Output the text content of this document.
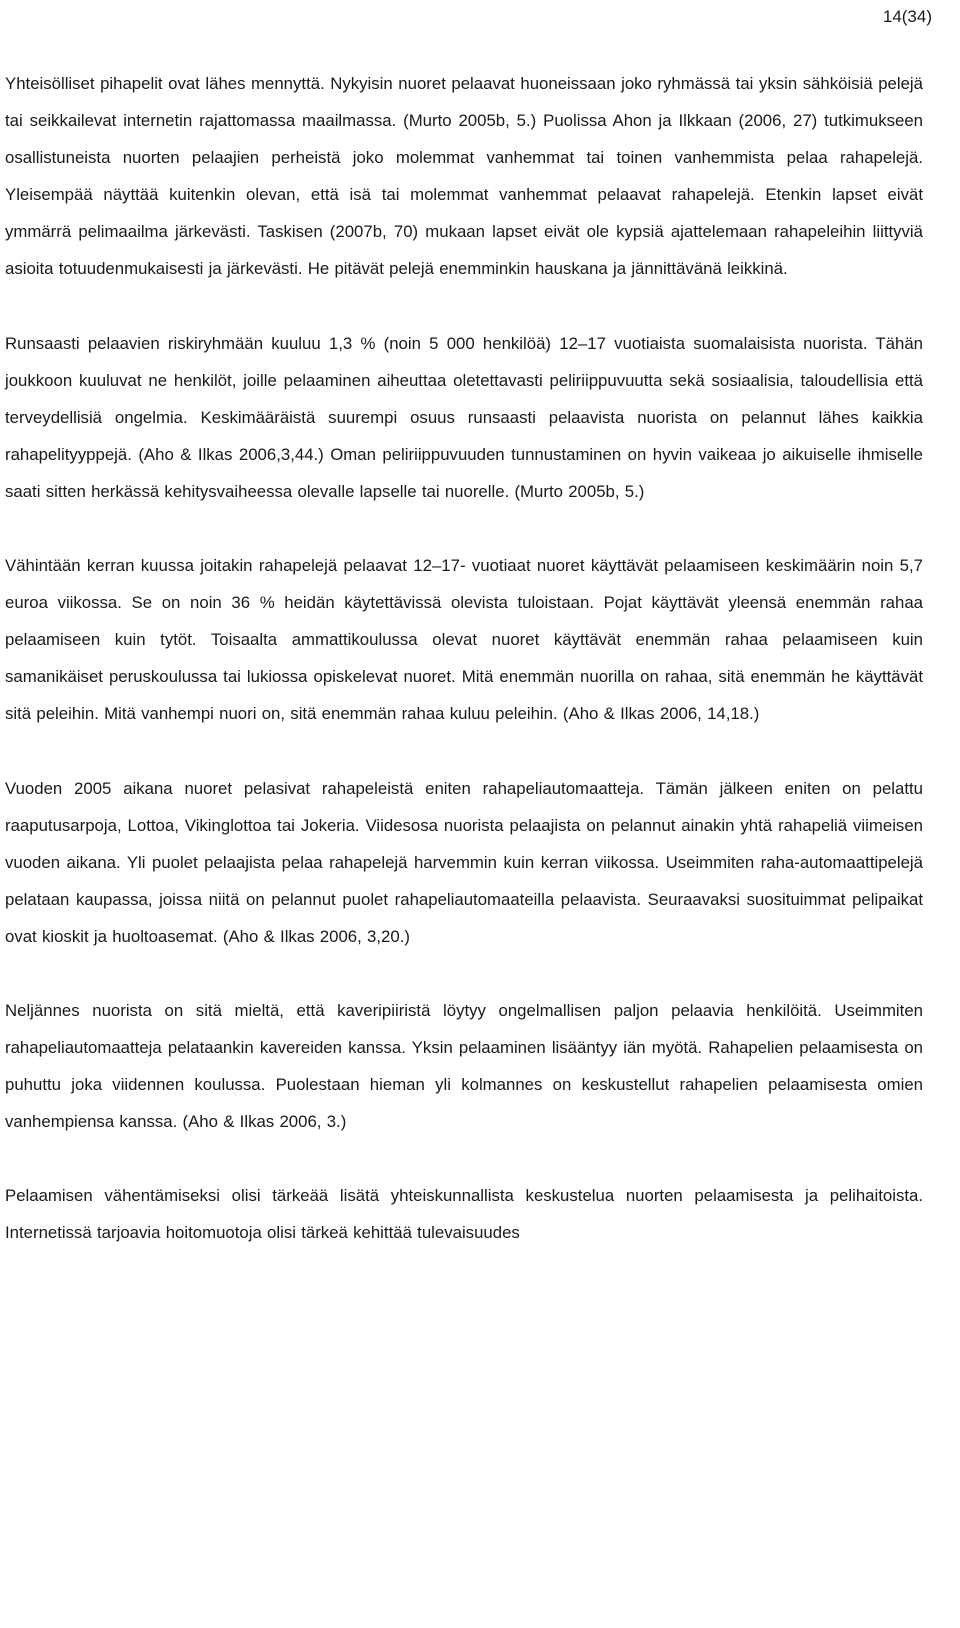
14(34)

Yhteisölliset pihapelit ovat lähes mennyttä. Nykyisin nuoret pelaavat huoneissaan joko ryhmässä tai yksin sähköisiä pelejä tai seikkailevat internetin rajattomassa maailmassa. (Murto 2005b, 5.) Puolissa Ahon ja Ilkkaan (2006, 27) tutkimukseen osallistuneista nuorten pelaajien perheistä joko molemmat vanhemmat tai toinen vanhemmista pelaa rahapelejä. Yleisempää näyttää kuitenkin olevan, että isä tai molemmat vanhemmat pelaavat rahapelejä. Etenkin lapset eivät ymmärrä pelimaailma järkevästi. Taskisen (2007b, 70) mukaan lapset eivät ole kypsiä ajattelemaan rahapeleihin liittyviä asioita totuudenmukaisesti ja järkevästi. He pitävät pelejä enemminkin hauskana ja jännittävänä leikkinä.

Runsaasti pelaavien riskiryhmään kuuluu 1,3 % (noin 5 000 henkilöä) 12–17 vuotiaista suomalaisista nuorista. Tähän joukkoon kuuluvat ne henkilöt, joille pelaaminen aiheuttaa oletettavasti peliriippuvuutta sekä sosiaalisia, taloudellisia että terveydellisiä ongelmia. Keskimääräistä suurempi osuus runsaasti pelaavista nuorista on pelannut lähes kaikkia rahapelityyppejä. (Aho & Ilkas 2006,3,44.) Oman peliriippuvuuden tunnustaminen on hyvin vaikeaa jo aikuiselle ihmiselle saati sitten herkässä kehitysvaiheessa olevalle lapselle tai nuorelle. (Murto 2005b, 5.)

Vähintään kerran kuussa joitakin rahapelejä pelaavat 12–17- vuotiaat nuoret käyttävät pelaamiseen keskimäärin noin 5,7 euroa viikossa. Se on noin 36 % heidän käytettävissä olevista tuloistaan. Pojat käyttävät yleensä enemmän rahaa pelaamiseen kuin tytöt. Toisaalta ammattikoulussa olevat nuoret käyttävät enemmän rahaa pelaamiseen kuin samanikäiset peruskoulussa tai lukiossa opiskelevat nuoret. Mitä enemmän nuorilla on rahaa, sitä enemmän he käyttävät sitä peleihin. Mitä vanhempi nuori on, sitä enemmän rahaa kuluu peleihin. (Aho & Ilkas 2006, 14,18.)

Vuoden 2005 aikana nuoret pelasivat rahapeleistä eniten rahapeliautomaatteja. Tämän jälkeen eniten on pelattu raaputusarpoja, Lottoa, Vikinglottoa tai Jokeria. Viidesosa nuorista pelaajista on pelannut ainakin yhtä rahapeliä viimeisen vuoden aikana. Yli puolet pelaajista pelaa rahapelejä harvemmin kuin kerran viikossa. Useimmiten raha-automaattipelejä pelataan kaupassa, joissa niitä on pelannut puolet rahapeliautomaateilla pelaavista. Seuraavaksi suosituimmat pelipaikat ovat kioskit ja huoltoasemat. (Aho & Ilkas 2006, 3,20.)

Neljännes nuorista on sitä mieltä, että kaveripiiristä löytyy ongelmallisen paljon pelaavia henkilöitä. Useimmiten rahapeliautomaatteja pelataankin kavereiden kanssa. Yksin pelaaminen lisääntyy iän myötä. Rahapelien pelaamisesta on puhuttu joka viidennen koulussa. Puolestaan hieman yli kolmannes on keskustellut rahapelien pelaamisesta omien vanhempiensa kanssa. (Aho & Ilkas 2006, 3.)

Pelaamisen vähentämiseksi olisi tärkeää lisätä yhteiskunnallista keskustelua nuorten pelaamisesta ja pelihaitoista. Internetissä tarjoavia hoitomuotoja olisi tärkeä kehittää tulevaisuudes
